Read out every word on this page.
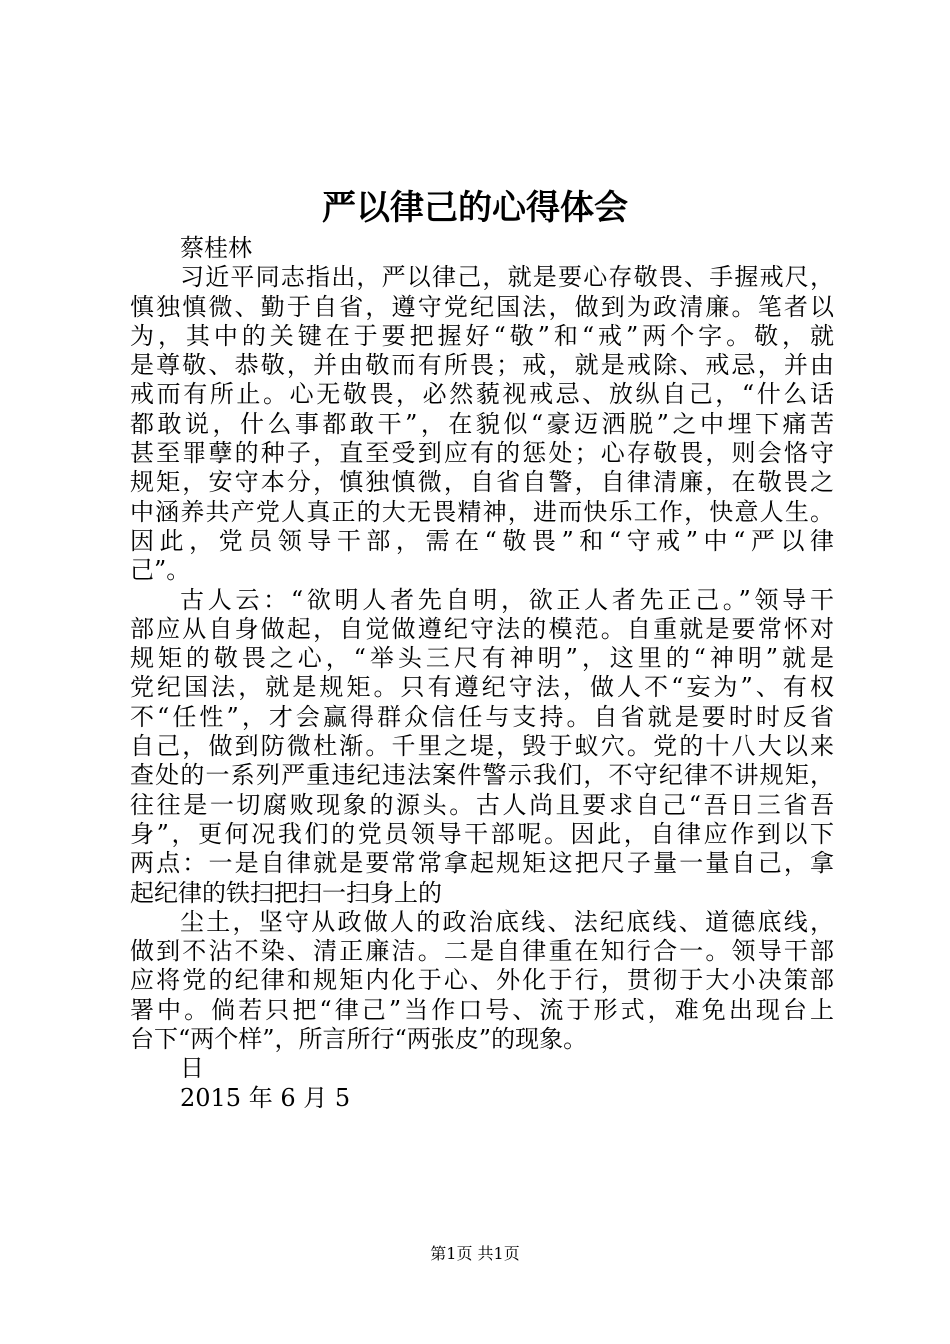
严以律己的心得体会
蔡桂林
习近平同志指出，严以律己，就是要心存敬畏、手握戒尺，
慎独慎微、勤于自省，遵守党纪国法，做到为政清廉。笔者以
为，其中的关键在于要把握好“敬”和“戒”两个字。敬，就
是尊敬、恭敬，并由敬而有所畏；戒，就是戒除、戒忌，并由
戒而有所止。心无敬畏，必然藐视戒忌、放纵自己，“什么话
都敢说，什么事都敢干”，在貌似“豪迈洒脱”之中埋下痛苦
甚至罪孽的种子，直至受到应有的惩处；心存敬畏，则会恪守
规矩，安守本分，慎独慎微，自省自警，自律清廉，在敬畏之
中涵养共产党人真正的大无畏精神，进而快乐工作，快意人生。
因此，党员领导干部，需在“敬畏”和“守戒”中“严以律
己”。
古人云：“欲明人者先自明，欲正人者先正己。”领导干
部应从自身做起，自觉做遵纪守法的模范。自重就是要常怀对
规矩的敬畏之心，“举头三尺有神明”，这里的“神明”就是
党纪国法，就是规矩。只有遵纪守法，做人不“妄为”、有权
不“任性”，才会赢得群众信任与支持。自省就是要时时反省
自己，做到防微杜渐。千里之堤，毁于蚁穴。党的十八大以来
查处的一系列严重违纪违法案件警示我们，不守纪律不讲规矩，
往往是一切腐败现象的源头。古人尚且要求自己“吾日三省吾
身”，更何况我们的党员领导干部呢。因此，自律应作到以下
两点：一是自律就是要常常拿起规矩这把尺子量一量自己，拿
起纪律的铁扫把扫一扫身上的
尘土，坚守从政做人的政治底线、法纪底线、道德底线，
做到不沾不染、清正廉洁。二是自律重在知行合一。领导干部
应将党的纪律和规矩内化于心、外化于行，贯彻于大小决策部
署中。倘若只把“律己”当作口号、流于形式，难免出现台上
台下“两个样”，所言所行“两张皮”的现象。
日
2015 年 6 月 5
第1页 共1页
